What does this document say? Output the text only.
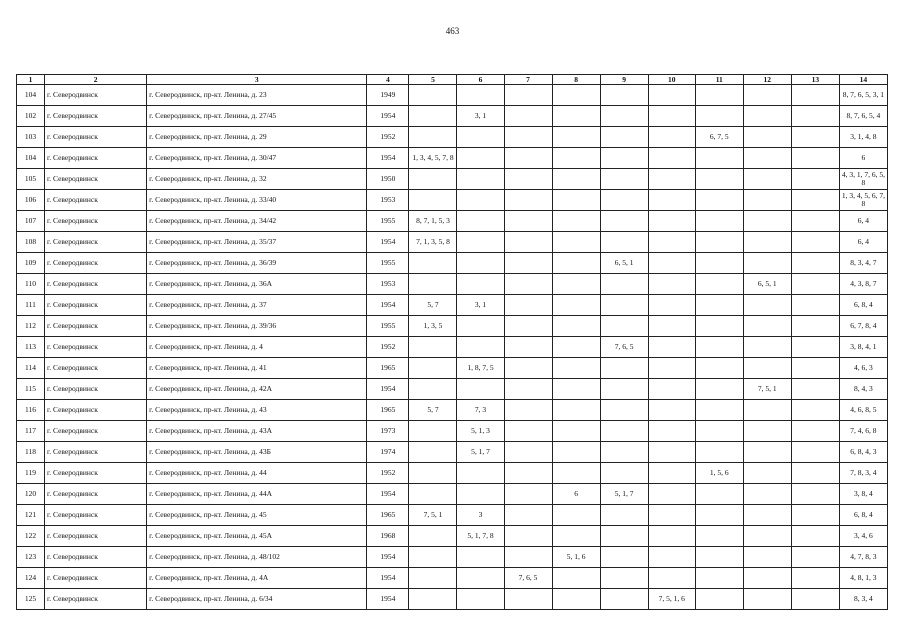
463
1	2	3	4	5	6	7	8	9	10	11	12	13	14
104	г. Северодвинск	г. Северодвинск, пр-кт. Ленина, д. 23	1949										8, 7, 6, 5, 3, 1
102	г. Северодвинск	г. Северодвинск, пр-кт. Ленина, д. 27/45	1954		3, 1								8, 7, 6, 5, 4
103	г. Северодвинск	г. Северодвинск, пр-кт. Ленина, д. 29	1952							6, 7, 5			3, 1, 4, 8
104	г. Северодвинск	г. Северодвинск, пр-кт. Ленина, д. 30/47	1954	1, 3, 4, 5, 7, 8									6
105	г. Северодвинск	г. Северодвинск, пр-кт. Ленина, д. 32	1950										4, 3, 1, 7, 6, 5, 8
106	г. Северодвинск	г. Северодвинск, пр-кт. Ленина, д. 33/40	1953										1, 3, 4, 5, 6, 7, 8
107	г. Северодвинск	г. Северодвинск, пр-кт. Ленина, д. 34/42	1955	8, 7, 1, 5, 3									6, 4
108	г. Северодвинск	г. Северодвинск, пр-кт. Ленина, д. 35/37	1954	7, 1, 3, 5, 8									6, 4
109	г. Северодвинск	г. Северодвинск, пр-кт. Ленина, д. 36/39	1955					6, 5, 1					8, 3, 4, 7
110	г. Северодвинск	г. Северодвинск, пр-кт. Ленина, д. 36А	1953								6, 5, 1		4, 3, 8, 7
111	г. Северодвинск	г. Северодвинск, пр-кт. Ленина, д. 37	1954	5, 7	3, 1								6, 8, 4
112	г. Северодвинск	г. Северодвинск, пр-кт. Ленина, д. 39/36	1955	1, 3, 5									6, 7, 8, 4
113	г. Северодвинск	г. Северодвинск, пр-кт. Ленина, д. 4	1952					7, 6, 5					3, 8, 4, 1
114	г. Северодвинск	г. Северодвинск, пр-кт. Ленина, д. 41	1965		1, 8, 7, 5								4, 6, 3
115	г. Северодвинск	г. Северодвинск, пр-кт. Ленина, д. 42А	1954								7, 5, 1		8, 4, 3
116	г. Северодвинск	г. Северодвинск, пр-кт. Ленина, д. 43	1965	5, 7	7, 3								4, 6, 8, 5
117	г. Северодвинск	г. Северодвинск, пр-кт. Ленина, д. 43А	1973		5, 1, 3								7, 4, 6, 8
118	г. Северодвинск	г. Северодвинск, пр-кт. Ленина, д. 43Б	1974		5, 1, 7								6, 8, 4, 3
119	г. Северодвинск	г. Северодвинск, пр-кт. Ленина, д. 44	1952							1, 5, 6			7, 8, 3, 4
120	г. Северодвинск	г. Северодвинск, пр-кт. Ленина, д. 44А	1954				6	5, 1, 7					3, 8, 4
121	г. Северодвинск	г. Северодвинск, пр-кт. Ленина, д. 45	1965	7, 5, 1	3								6, 8, 4
122	г. Северодвинск	г. Северодвинск, пр-кт. Ленина, д. 45А	1968		5, 1, 7, 8								3, 4, 6
123	г. Северодвинск	г. Северодвинск, пр-кт. Ленина, д. 48/102	1954				5, 1, 6						4, 7, 8, 3
124	г. Северодвинск	г. Северодвинск, пр-кт. Ленина, д. 4А	1954			7, 6, 5							4, 8, 1, 3
125	г. Северодвинск	г. Северодвинск, пр-кт. Ленина, д. 6/34	1954						7, 5, 1, 6				8, 3, 4
